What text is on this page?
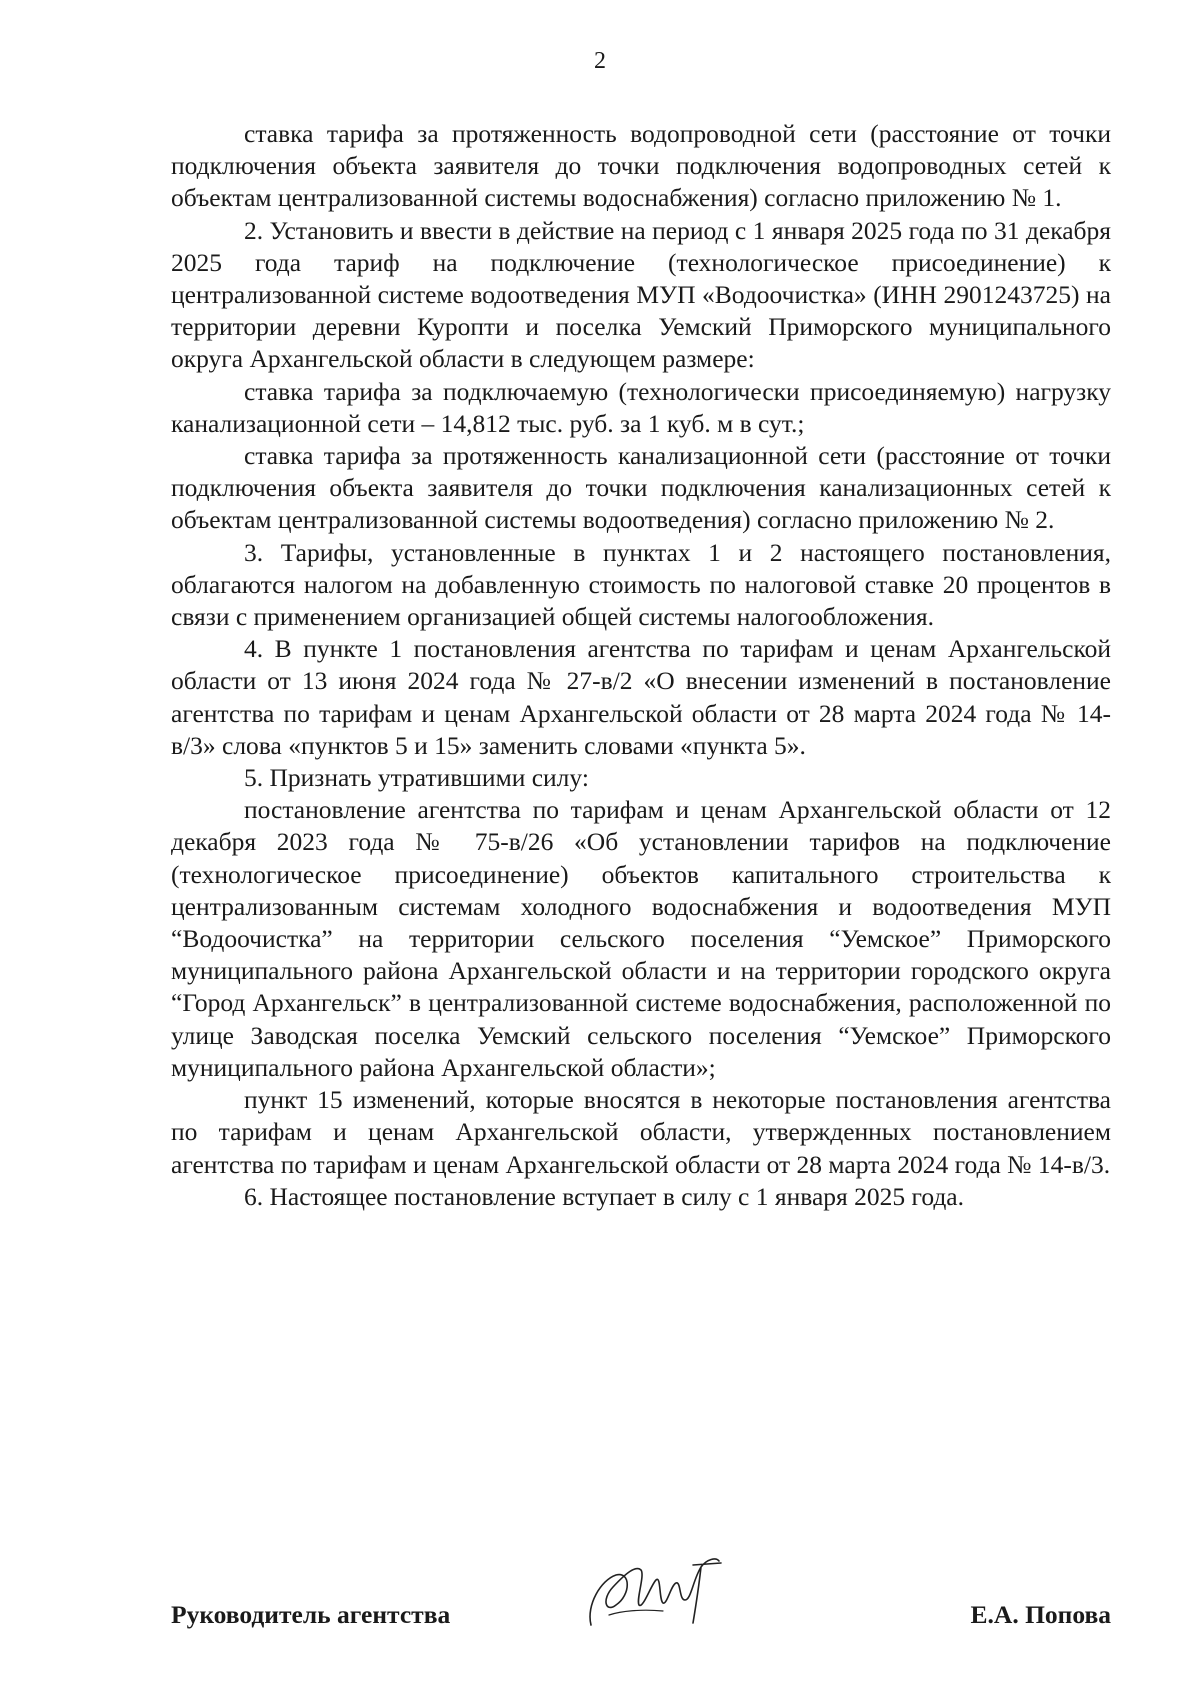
2

ставка тарифа за протяженность водопроводной сети (расстояние от точки подключения объекта заявителя до точки подключения водопроводных сетей к объектам централизованной системы водоснабжения) согласно приложению № 1.

2. Установить и ввести в действие на период с 1 января 2025 года по 31 декабря 2025 года тариф на подключение (технологическое присоединение) к централизованной системе водоотведения МУП «Водоочистка» (ИНН 2901243725) на территории деревни Куропти и поселка Уемский Приморского муниципального округа Архангельской области в следующем размере:

ставка тарифа за подключаемую (технологически присоединяемую) нагрузку канализационной сети – 14,812 тыс. руб. за 1 куб. м в сут.;

ставка тарифа за протяженность канализационной сети (расстояние от точки подключения объекта заявителя до точки подключения канализационных сетей к объектам централизованной системы водоотведения) согласно приложению № 2.

3. Тарифы, установленные в пунктах 1 и 2 настоящего постановления, облагаются налогом на добавленную стоимость по налоговой ставке 20 процентов в связи с применением организацией общей системы налогообложения.

4. В пункте 1 постановления агентства по тарифам и ценам Архангельской области от 13 июня 2024 года № 27-в/2 «О внесении изменений в постановление агентства по тарифам и ценам Архангельской области от 28 марта 2024 года № 14-в/3» слова «пунктов 5 и 15» заменить словами «пункта 5».

5. Признать утратившими силу:

постановление агентства по тарифам и ценам Архангельской области от 12 декабря 2023 года № 75-в/26 «Об установлении тарифов на подключение (технологическое присоединение) объектов капитального строительства к централизованным системам холодного водоснабжения и водоотведения МУП “Водоочистка” на территории сельского поселения “Уемское” Приморского муниципального района Архангельской области и на территории городского округа “Город Архангельск” в централизованной системе водоснабжения, расположенной по улице Заводская поселка Уемский сельского поселения “Уемское” Приморского муниципального района Архангельской области»;

пункт 15 изменений, которые вносятся в некоторые постановления агентства по тарифам и ценам Архангельской области, утвержденных постановлением агентства по тарифам и ценам Архангельской области от 28 марта 2024 года № 14-в/3.

6. Настоящее постановление вступает в силу с 1 января 2025 года.

Руководитель агентства	Е.А. Попова
